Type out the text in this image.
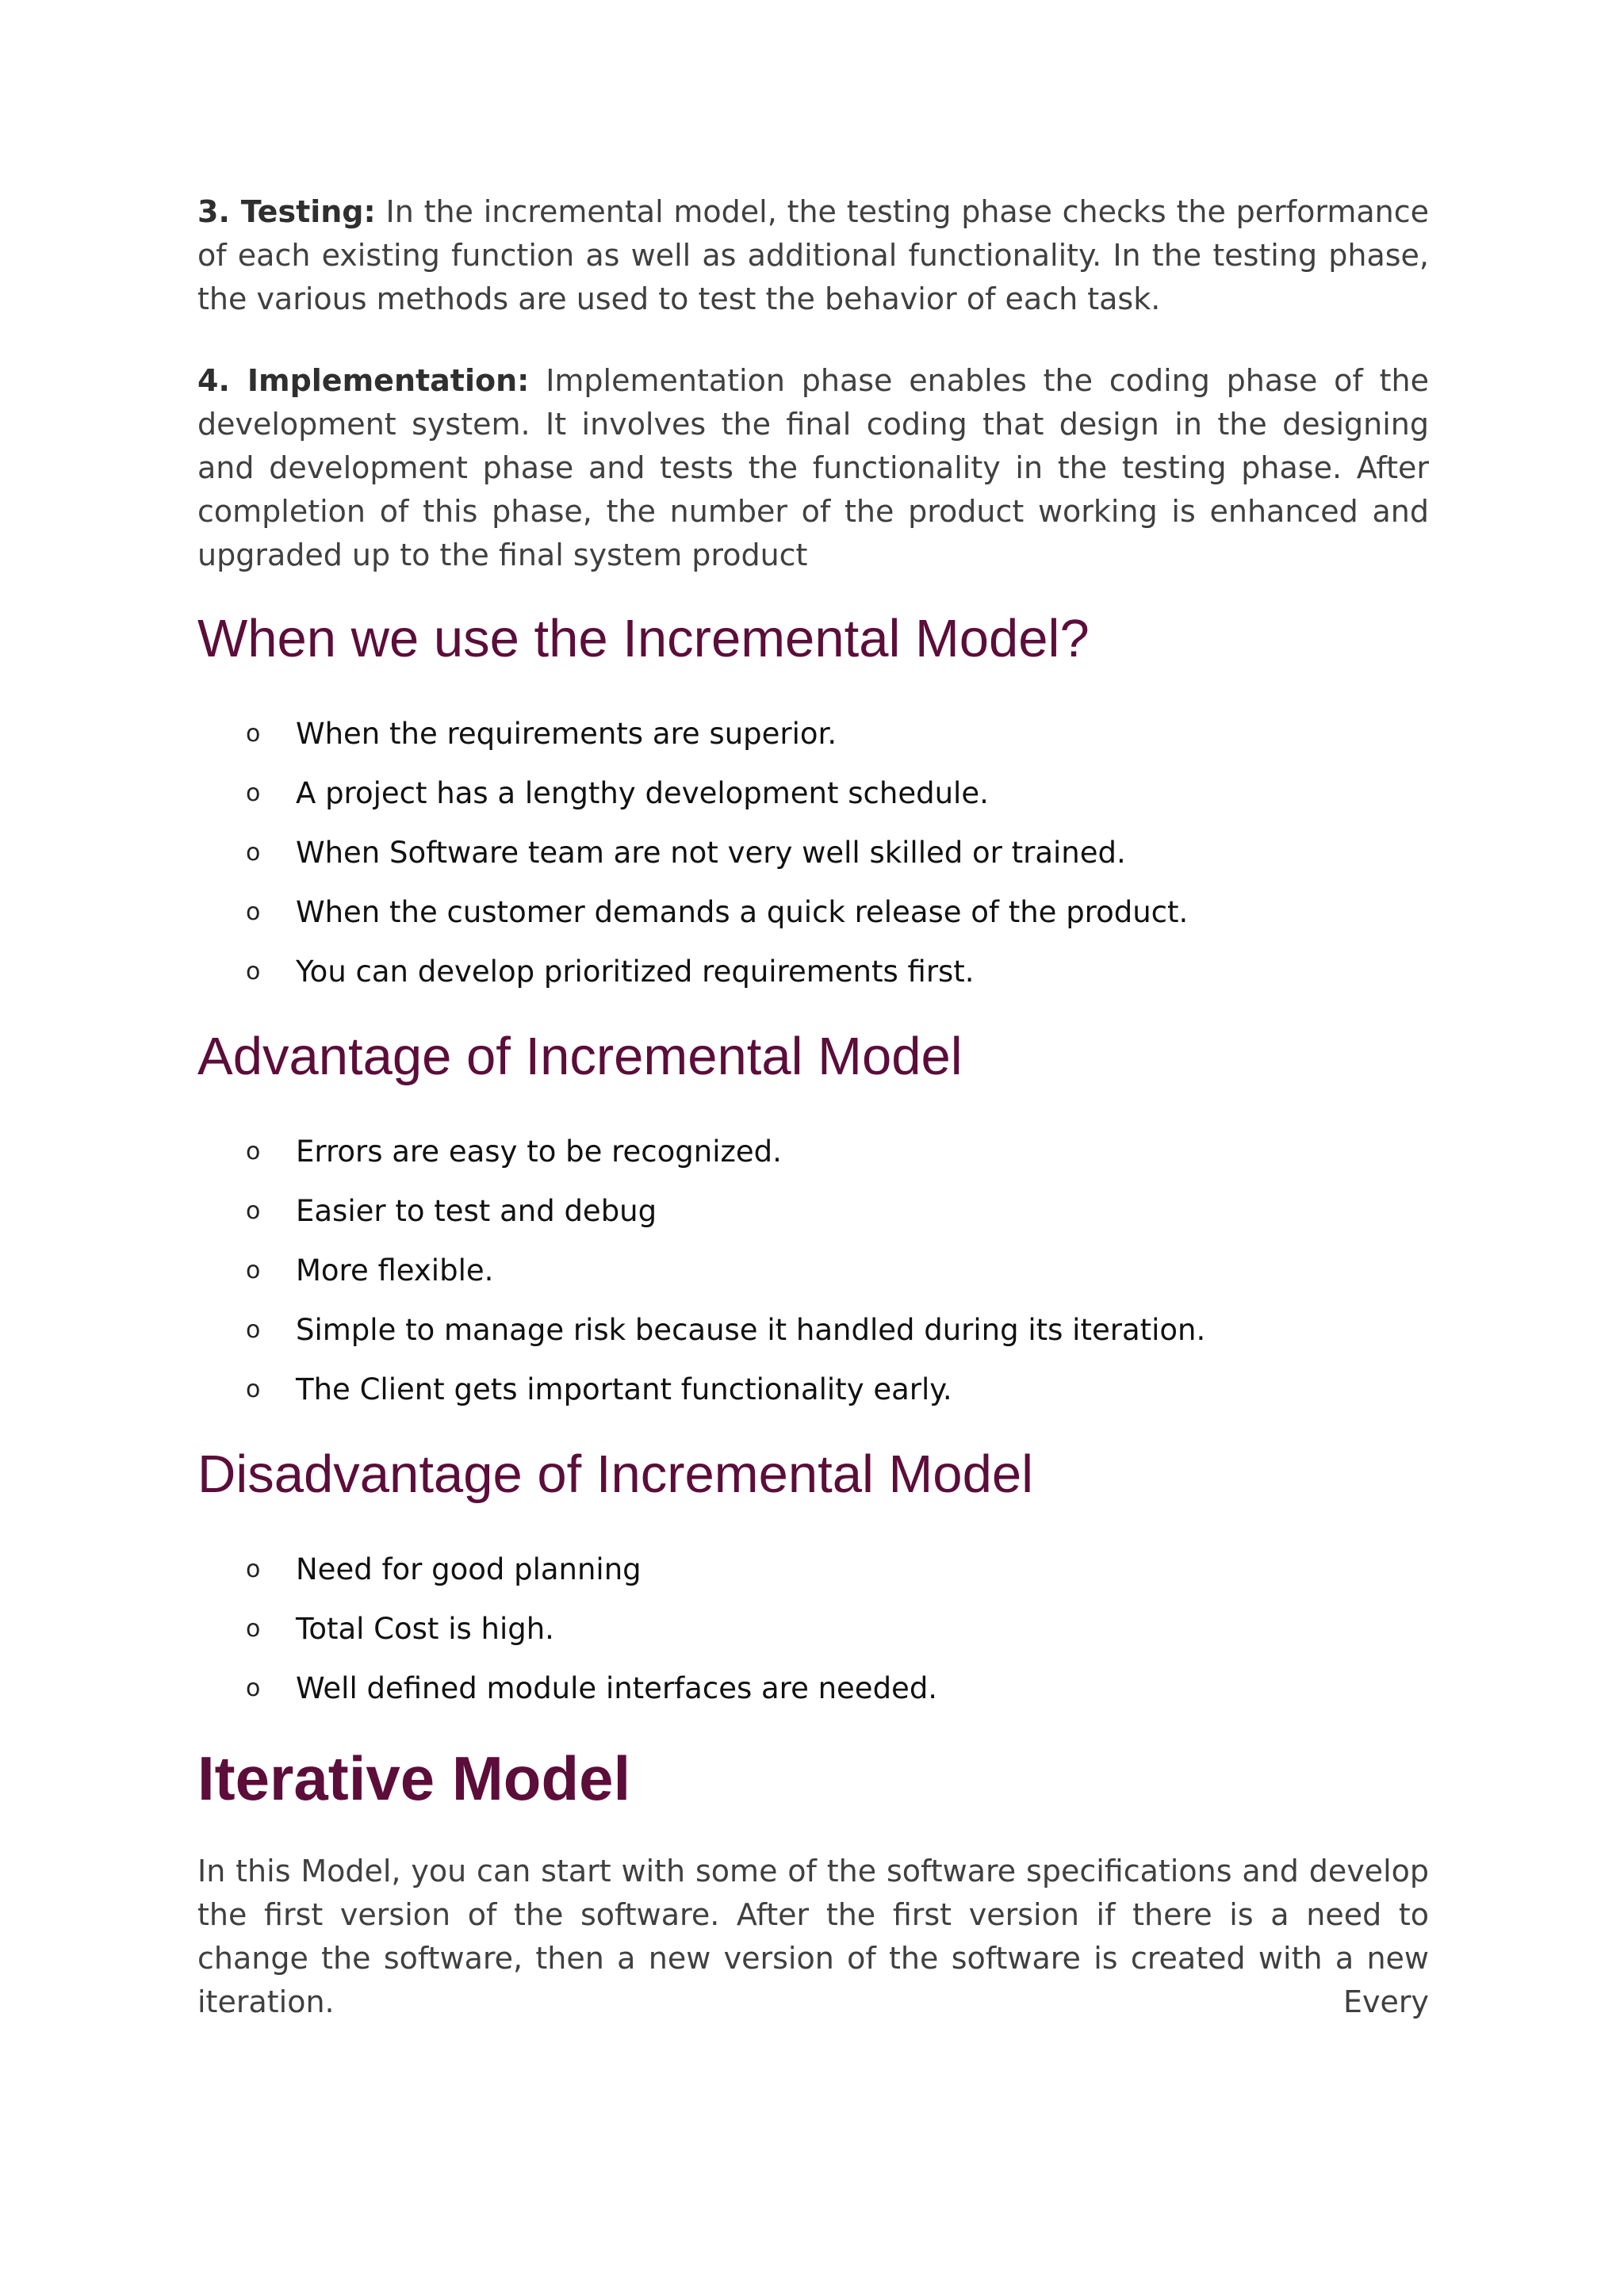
3. Testing: In the incremental model, the testing phase checks the performance of each existing function as well as additional functionality. In the testing phase, the various methods are used to test the behavior of each task.

4. Implementation: Implementation phase enables the coding phase of the development system. It involves the final coding that design in the designing and development phase and tests the functionality in the testing phase. After completion of this phase, the number of the product working is enhanced and upgraded up to the final system product

When we use the Incremental Model?
o When the requirements are superior.
o A project has a lengthy development schedule.
o When Software team are not very well skilled or trained.
o When the customer demands a quick release of the product.
o You can develop prioritized requirements first.
Advantage of Incremental Model
o Errors are easy to be recognized.
o Easier to test and debug
o More flexible.
o Simple to manage risk because it handled during its iteration.
o The Client gets important functionality early.
Disadvantage of Incremental Model
o Need for good planning
o Total Cost is high.
o Well defined module interfaces are needed.
Iterative Model

In this Model, you can start with some of the software specifications and develop the first version of the software. After the first version if there is a need to change the software, then a new version of the software is created with a new iteration. Every
